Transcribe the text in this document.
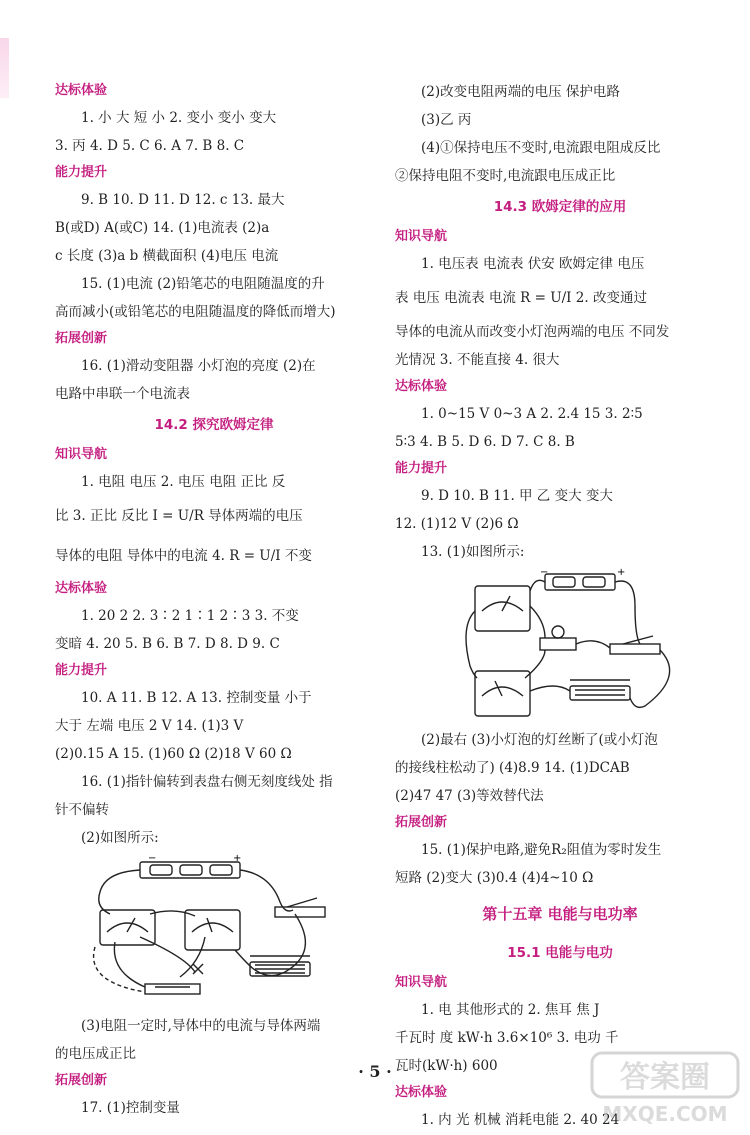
达标体验
1. 小 大 短 小 2. 变小 变小 变大
3. 丙 4. D 5. C 6. A 7. B 8. C
能力提升
9. B 10. D 11. D 12. c 13. 最大
B(或D) A(或C) 14. (1)电流表 (2)a
c 长度 (3)a b 横截面积 (4)电压 电流
15. (1)电流 (2)铅笔芯的电阻随温度的升
高而减小(或铅笔芯的电阻随温度的降低而增大)
拓展创新
16. (1)滑动变阻器 小灯泡的亮度 (2)在
电路中串联一个电流表
14.2 探究欧姆定律
知识导航
1. 电阻 电压 2. 电压 电阻 正比 反
比 3. 正比 反比 I = U/R 导体两端的电压
导体的电阻 导体中的电流 4. R = U/I 不变
达标体验
1. 20 2 2. 3∶2 1∶1 2∶3 3. 不变
变暗 4. 20 5. B 6. B 7. D 8. D 9. C
能力提升
10. A 11. B 12. A 13. 控制变量 小于
大于 左端 电压 2 V 14. (1)3 V
(2)0.15 A 15. (1)60 Ω (2)18 V 60 Ω
16. (1)指针偏转到表盘右侧无刻度线处 指
针不偏转
(2)如图所示:
−	+
(3)电阻一定时,导体中的电流与导体两端
的电压成正比
拓展创新
17. (1)控制变量
(2)改变电阻两端的电压 保护电路
(3)乙 丙
(4)①保持电压不变时,电流跟电阻成反比
②保持电阻不变时,电流跟电压成正比
14.3 欧姆定律的应用
知识导航
1. 电压表 电流表 伏安 欧姆定律 电压
表 电压 电流表 电流 R = U/I 2. 改变通过
导体的电流从而改变小灯泡两端的电压 不同发
光情况 3. 不能直接 4. 很大
达标体验
1. 0~15 V 0~3 A 2. 2.4 15 3. 2∶5
5∶3 4. B 5. D 6. D 7. C 8. B
能力提升
9. D 10. B 11. 甲 乙 变大 变大
12. (1)12 V (2)6 Ω
13. (1)如图所示:
−	+
(2)最右 (3)小灯泡的灯丝断了(或小灯泡
的接线柱松动了) (4)8.9 14. (1)DCAB
(2)47 47 (3)等效替代法
拓展创新
15. (1)保护电路,避免R₂阻值为零时发生
短路 (2)变大 (3)0.4 (4)4~10 Ω
第十五章 电能与电功率
15.1 电能与电功
知识导航
1. 电 其他形式的 2. 焦耳 焦 J
千瓦时 度 kW·h 3.6×10⁶ 3. 电功 千
瓦时(kW·h) 600
达标体验
1. 内 光 机械 消耗电能 2. 40 24
· 5 ·	答案圈
MXQE.COM
